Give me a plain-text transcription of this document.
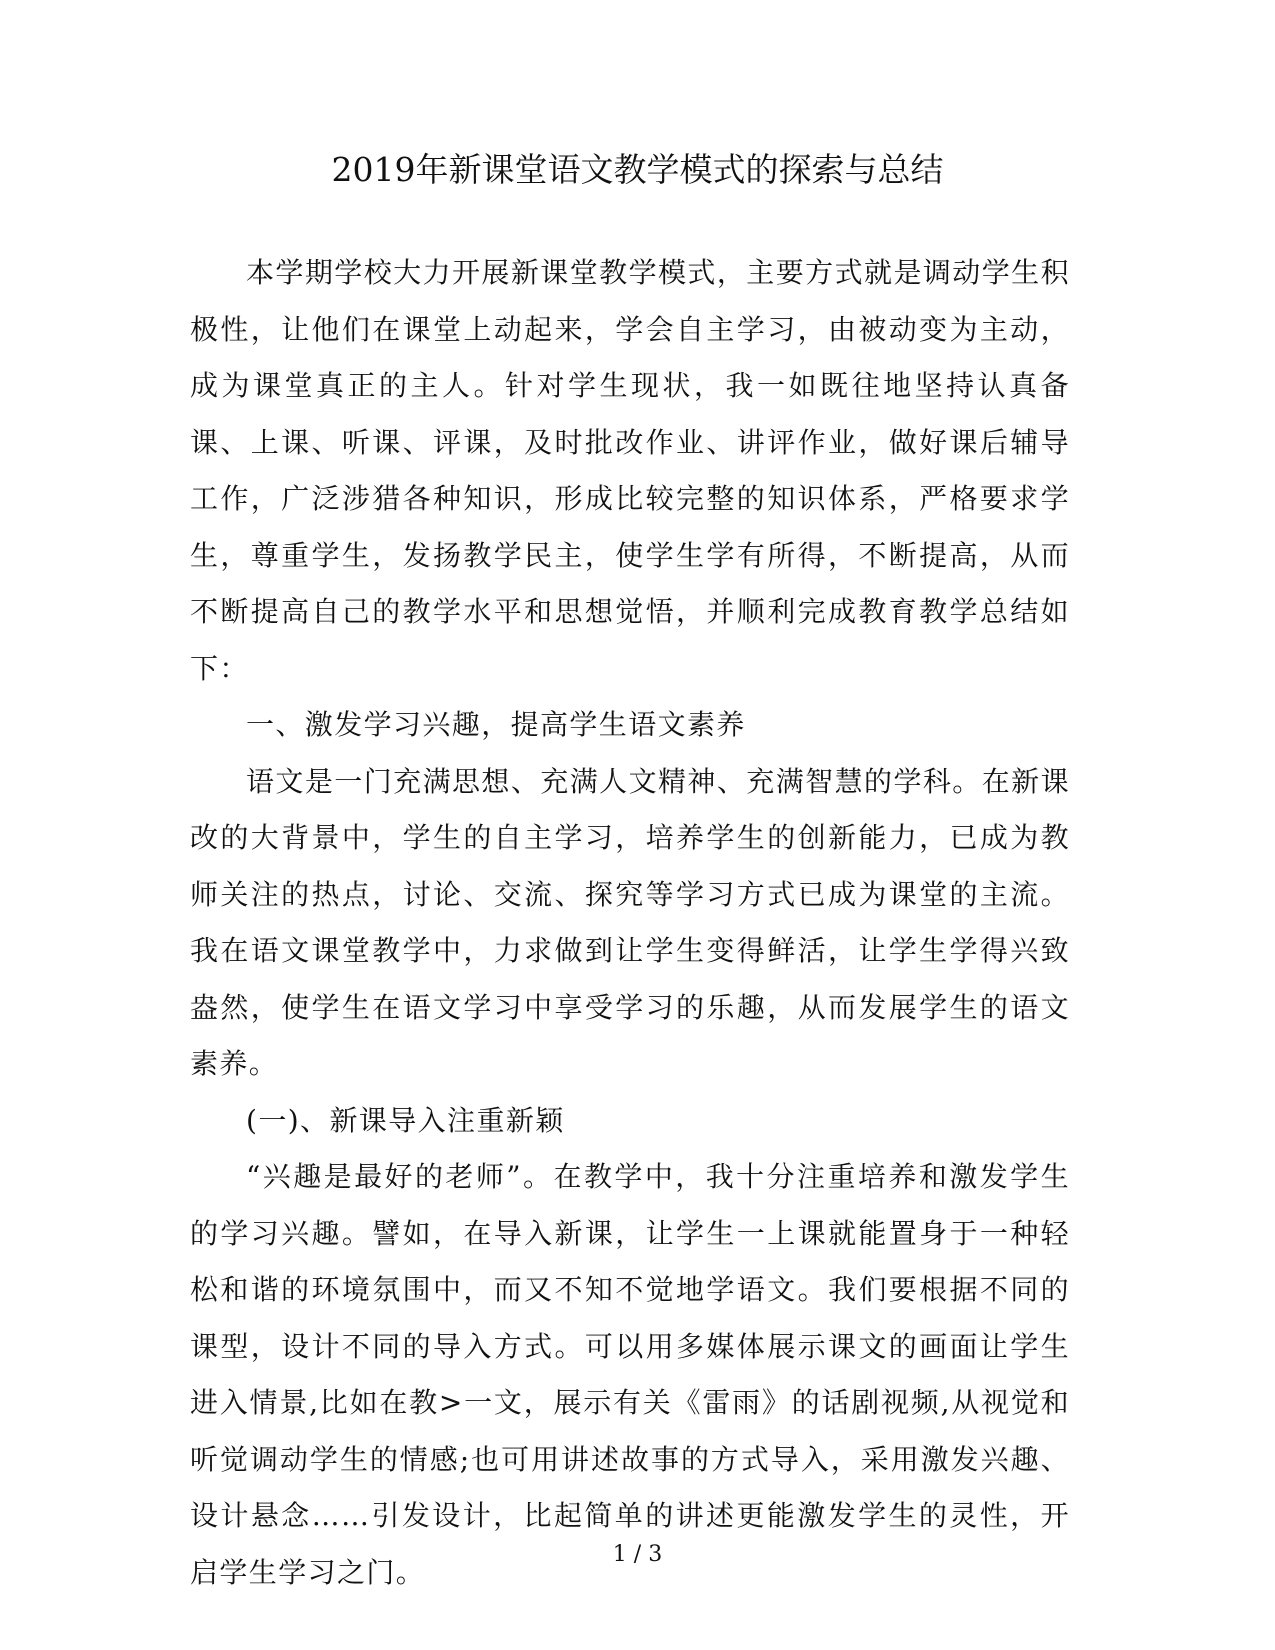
2019年新课堂语文教学模式的探索与总结

本学期学校大力开展新课堂教学模式，主要方式就是调动学生积极性，让他们在课堂上动起来，学会自主学习，由被动变为主动，成为课堂真正的主人。针对学生现状，我一如既往地坚持认真备课、上课、听课、评课，及时批改作业、讲评作业，做好课后辅导工作，广泛涉猎各种知识，形成比较完整的知识体系，严格要求学生，尊重学生，发扬教学民主，使学生学有所得，不断提高，从而不断提高自己的教学水平和思想觉悟，并顺利完成教育教学总结如下：

一、激发学习兴趣，提高学生语文素养

语文是一门充满思想、充满人文精神、充满智慧的学科。在新课改的大背景中，学生的自主学习，培养学生的创新能力，已成为教师关注的热点，讨论、交流、探究等学习方式已成为课堂的主流。我在语文课堂教学中，力求做到让学生变得鲜活，让学生学得兴致盎然，使学生在语文学习中享受学习的乐趣，从而发展学生的语文素养。

(一)、新课导入注重新颖

“兴趣是最好的老师”。在教学中，我十分注重培养和激发学生的学习兴趣。譬如，在导入新课，让学生一上课就能置身于一种轻松和谐的环境氛围中，而又不知不觉地学语文。我们要根据不同的课型，设计不同的导入方式。可以用多媒体展示课文的画面让学生进入情景,比如在教>一文，展示有关《雷雨》的话剧视频,从视觉和听觉调动学生的情感;也可用讲述故事的方式导入，采用激发兴趣、设计悬念……引发设计，比起简单的讲述更能激发学生的灵性，开启学生学习之门。

1 / 3
